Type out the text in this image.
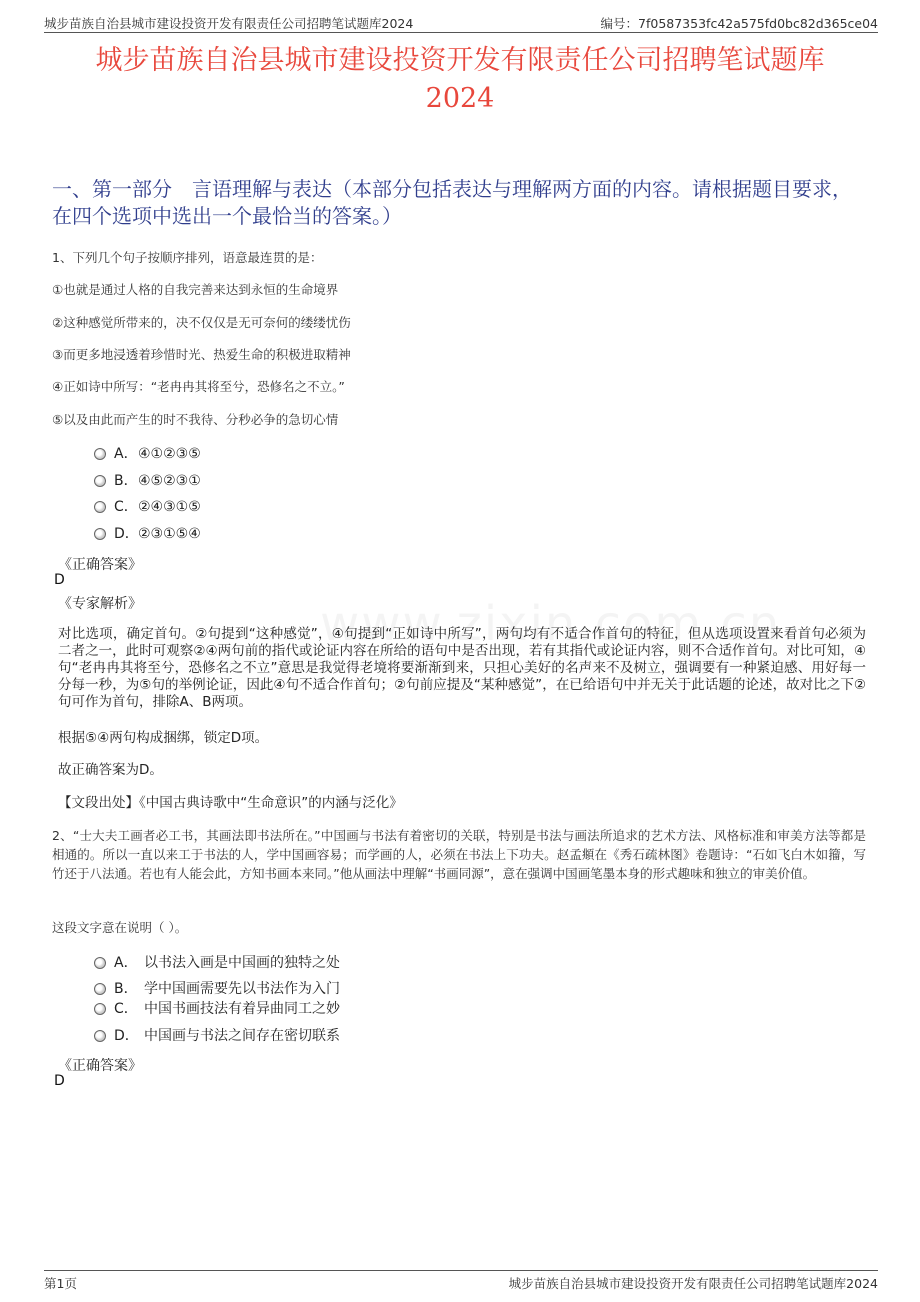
城步苗族自治县城市建设投资开发有限责任公司招聘笔试题库2024	编号：7f0587353fc42a575fd0bc82d365ce04
城步苗族自治县城市建设投资开发有限责任公司招聘笔试题库
2024
一、第一部分　言语理解与表达（本部分包括表达与理解两方面的内容。请根据题目要求，在四个选项中选出一个最恰当的答案。）
1、下列几个句子按顺序排列，语意最连贯的是：
①也就是通过人格的自我完善来达到永恒的生命境界
②这种感觉所带来的，决不仅仅是无可奈何的缕缕忧伤
③而更多地浸透着珍惜时光、热爱生命的积极进取精神
④正如诗中所写：“老冉冉其将至兮，恐修名之不立。”
⑤以及由此而产生的时不我待、分秒必争的急切心情
A．④①②③⑤
B．④⑤②③①
C．②④③①⑤
D．②③①⑤④
《正确答案》
D
《专家解析》
对比选项，确定首句。②句提到“这种感觉”，④句提到“正如诗中所写”，两句均有不适合作首句的特征，但从选项设置来看首句必须为二者之一，此时可观察②④两句前的指代或论证内容在所给的语句中是否出现，若有其指代或论证内容，则不合适作首句。对比可知，④句“老冉冉其将至兮，恐修名之不立”意思是我觉得老境将要渐渐到来，只担心美好的名声来不及树立，强调要有一种紧迫感、用好每一分每一秒，为⑤句的举例论证，因此④句不适合作首句；②句前应提及“某种感觉”，在已给语句中并无关于此话题的论述，故对比之下②句可作为首句，排除A、B两项。
根据⑤④两句构成捆绑，锁定D项。
故正确答案为D。
【文段出处】《中国古典诗歌中“生命意识”的内涵与泛化》
2、“士大夫工画者必工书，其画法即书法所在。”中国画与书法有着密切的关联，特别是书法与画法所追求的艺术方法、风格标准和审美方法等都是相通的。所以一直以来工于书法的人，学中国画容易；而学画的人，必须在书法上下功夫。赵孟頫在《秀石疏林图》卷题诗：“石如飞白木如籀，写竹还于八法通。若也有人能会此，方知书画本来同。”他从画法中理解“书画同源”，意在强调中国画笔墨本身的形式趣味和独立的审美价值。
这段文字意在说明（ ）。
A． 以书法入画是中国画的独特之处
B． 学中国画需要先以书法作为入门
C． 中国书画技法有着异曲同工之妙
D． 中国画与书法之间存在密切联系
《正确答案》
D
第1页	城步苗族自治县城市建设投资开发有限责任公司招聘笔试题库2024
